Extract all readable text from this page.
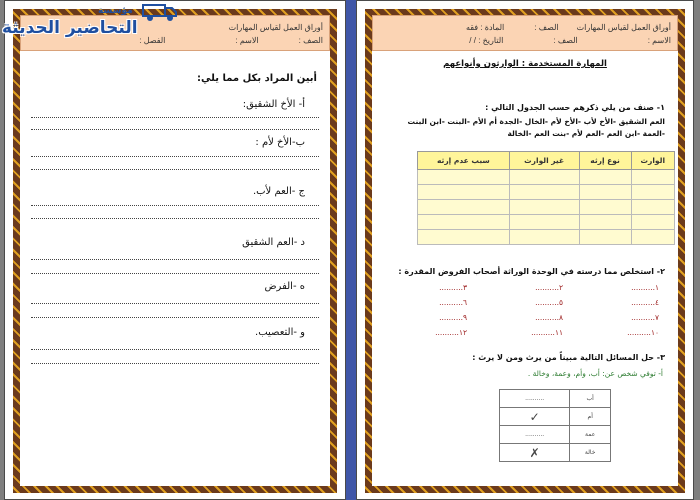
أوراق العمل لقياس المهارات
الصف :
الاسم :
الفصل :
أبين المراد بكل مما يلي:
أ- الأخ الشقيق:
ب-الأخ لأم :
ج -العم لأب.
د -العم الشقيق
ه -الفرض
و -التعصيب.
مؤسسة
التحاضير الحديثة	أوراق العمل لقياس المهارات
الصف :
المادة : فقه
الاسم :
الصف :
التاريخ : / /
المهارة المستخدمة : الوارثون وأنواعهم
١- صنف من يلي ذكرهم حسب الجدول التالي :
العم الشقيق -الأخ لأب -الأخ لأم -الخال -الجدة أم الأم -البنت -ابن البنت -العمة -ابن العم -العم لأم -بنت العم -الخالة
الوارث	نوع إرثه	غير الوارث	سبب عدم إرثه

٢- استخلص مما درسته في الوحدة الوراثة أصحاب الفروض المقدرة :
١..........
٢..........
٣..........
٤..........
٥..........
٦..........
٧..........
٨..........
٩..........
١٠..........
١١..........
١٢..........
٣- حل المسائل التالية مبيناً من يرث ومن لا يرث :
أ- توفي شخص عن: أب، وأم، وعمة، وخالة .
أب	..........
أم	✓
عمة	..........
خالة	✗
